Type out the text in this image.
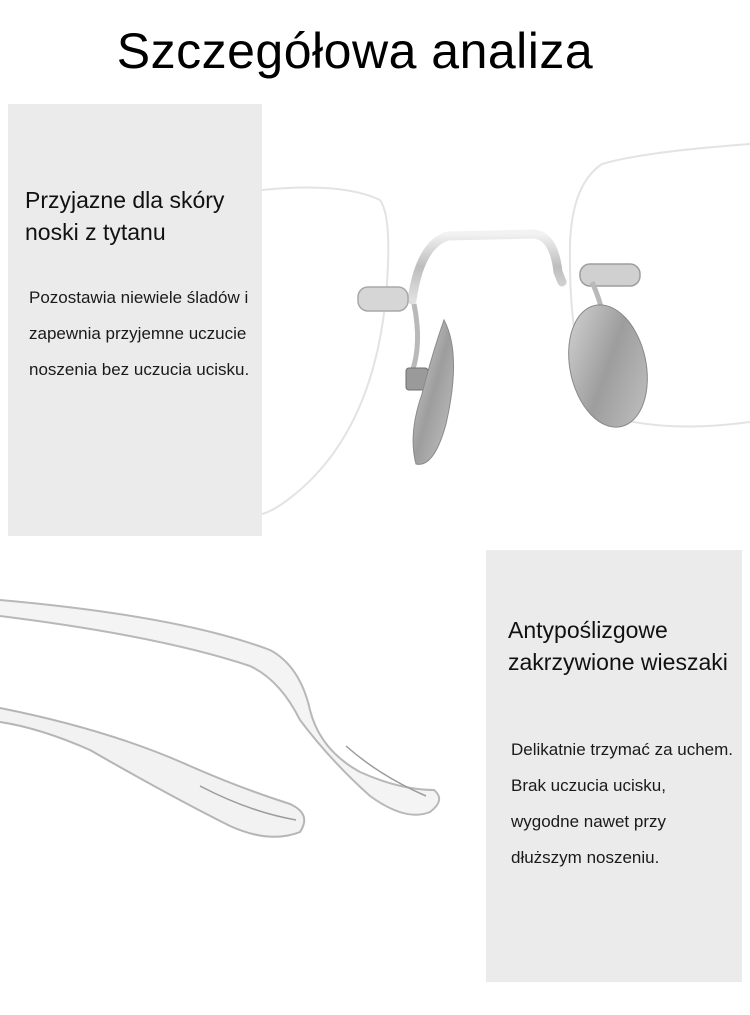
Szczegółowa analiza
Przyjazne dla skóry noski z tytanu
Pozostawia niewiele śladów i zapewnia przyjemne uczucie noszenia bez uczucia ucisku.
Antypoślizgowe zakrzywione wieszaki
Delikatnie trzymać za uchem. Brak uczucia ucisku, wygodne nawet przy dłuższym noszeniu.
